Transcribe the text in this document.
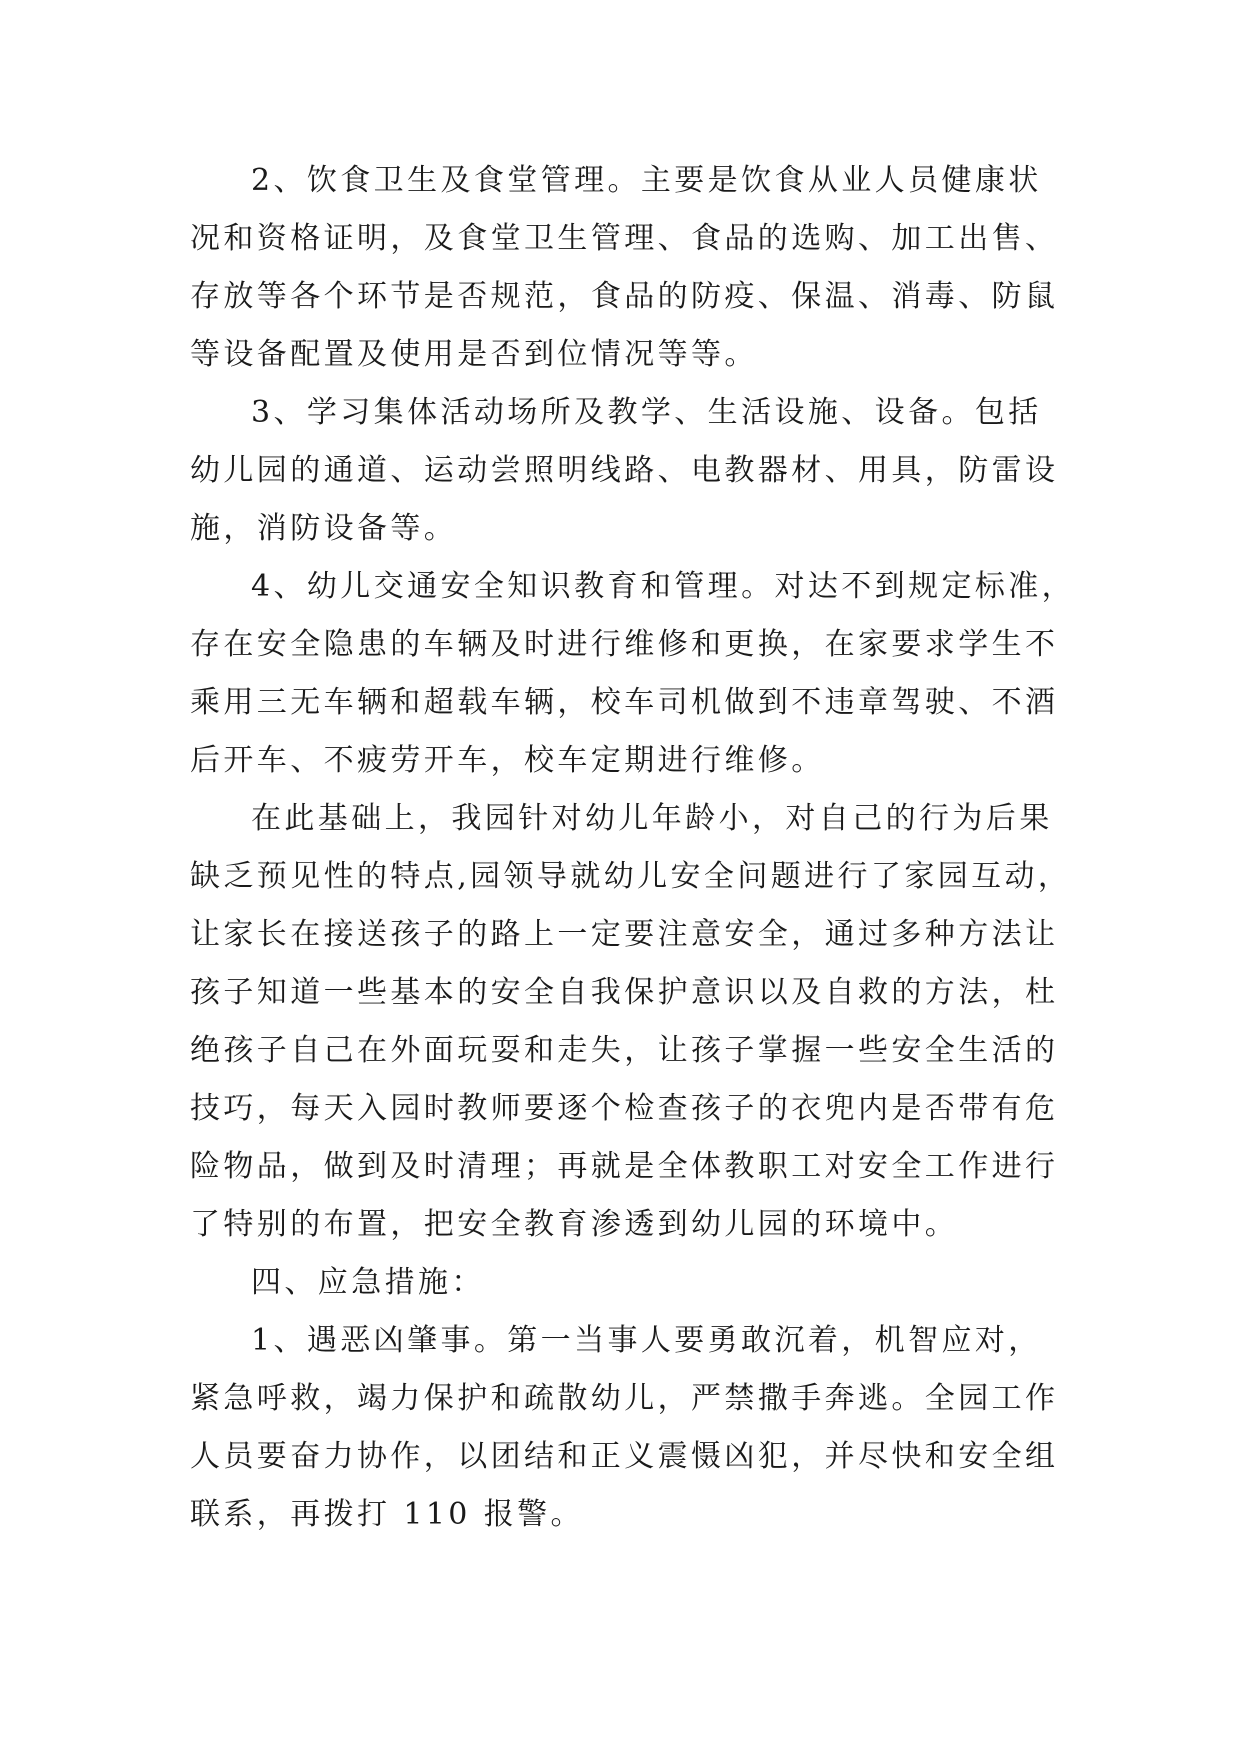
2、饮食卫生及食堂管理。主要是饮食从业人员健康状
况和资格证明，及食堂卫生管理、食品的选购、加工出售、
存放等各个环节是否规范，食品的防疫、保温、消毒、防鼠
等设备配置及使用是否到位情况等等。
3、学习集体活动场所及教学、生活设施、设备。包括
幼儿园的通道、运动尝照明线路、电教器材、用具，防雷设
施，消防设备等。
4、幼儿交通安全知识教育和管理。对达不到规定标准，
存在安全隐患的车辆及时进行维修和更换，在家要求学生不
乘用三无车辆和超载车辆，校车司机做到不违章驾驶、不酒
后开车、不疲劳开车，校车定期进行维修。
在此基础上，我园针对幼儿年龄小，对自己的行为后果
缺乏预见性的特点,园领导就幼儿安全问题进行了家园互动，
让家长在接送孩子的路上一定要注意安全，通过多种方法让
孩子知道一些基本的安全自我保护意识以及自救的方法，杜
绝孩子自己在外面玩耍和走失，让孩子掌握一些安全生活的
技巧，每天入园时教师要逐个检查孩子的衣兜内是否带有危
险物品，做到及时清理；再就是全体教职工对安全工作进行
了特别的布置，把安全教育渗透到幼儿园的环境中。
四、应急措施：
1、遇恶凶肇事。第一当事人要勇敢沉着，机智应对，
紧急呼救，竭力保护和疏散幼儿，严禁撒手奔逃。全园工作
人员要奋力协作，以团结和正义震慑凶犯，并尽快和安全组
联系，再拨打 110 报警。
